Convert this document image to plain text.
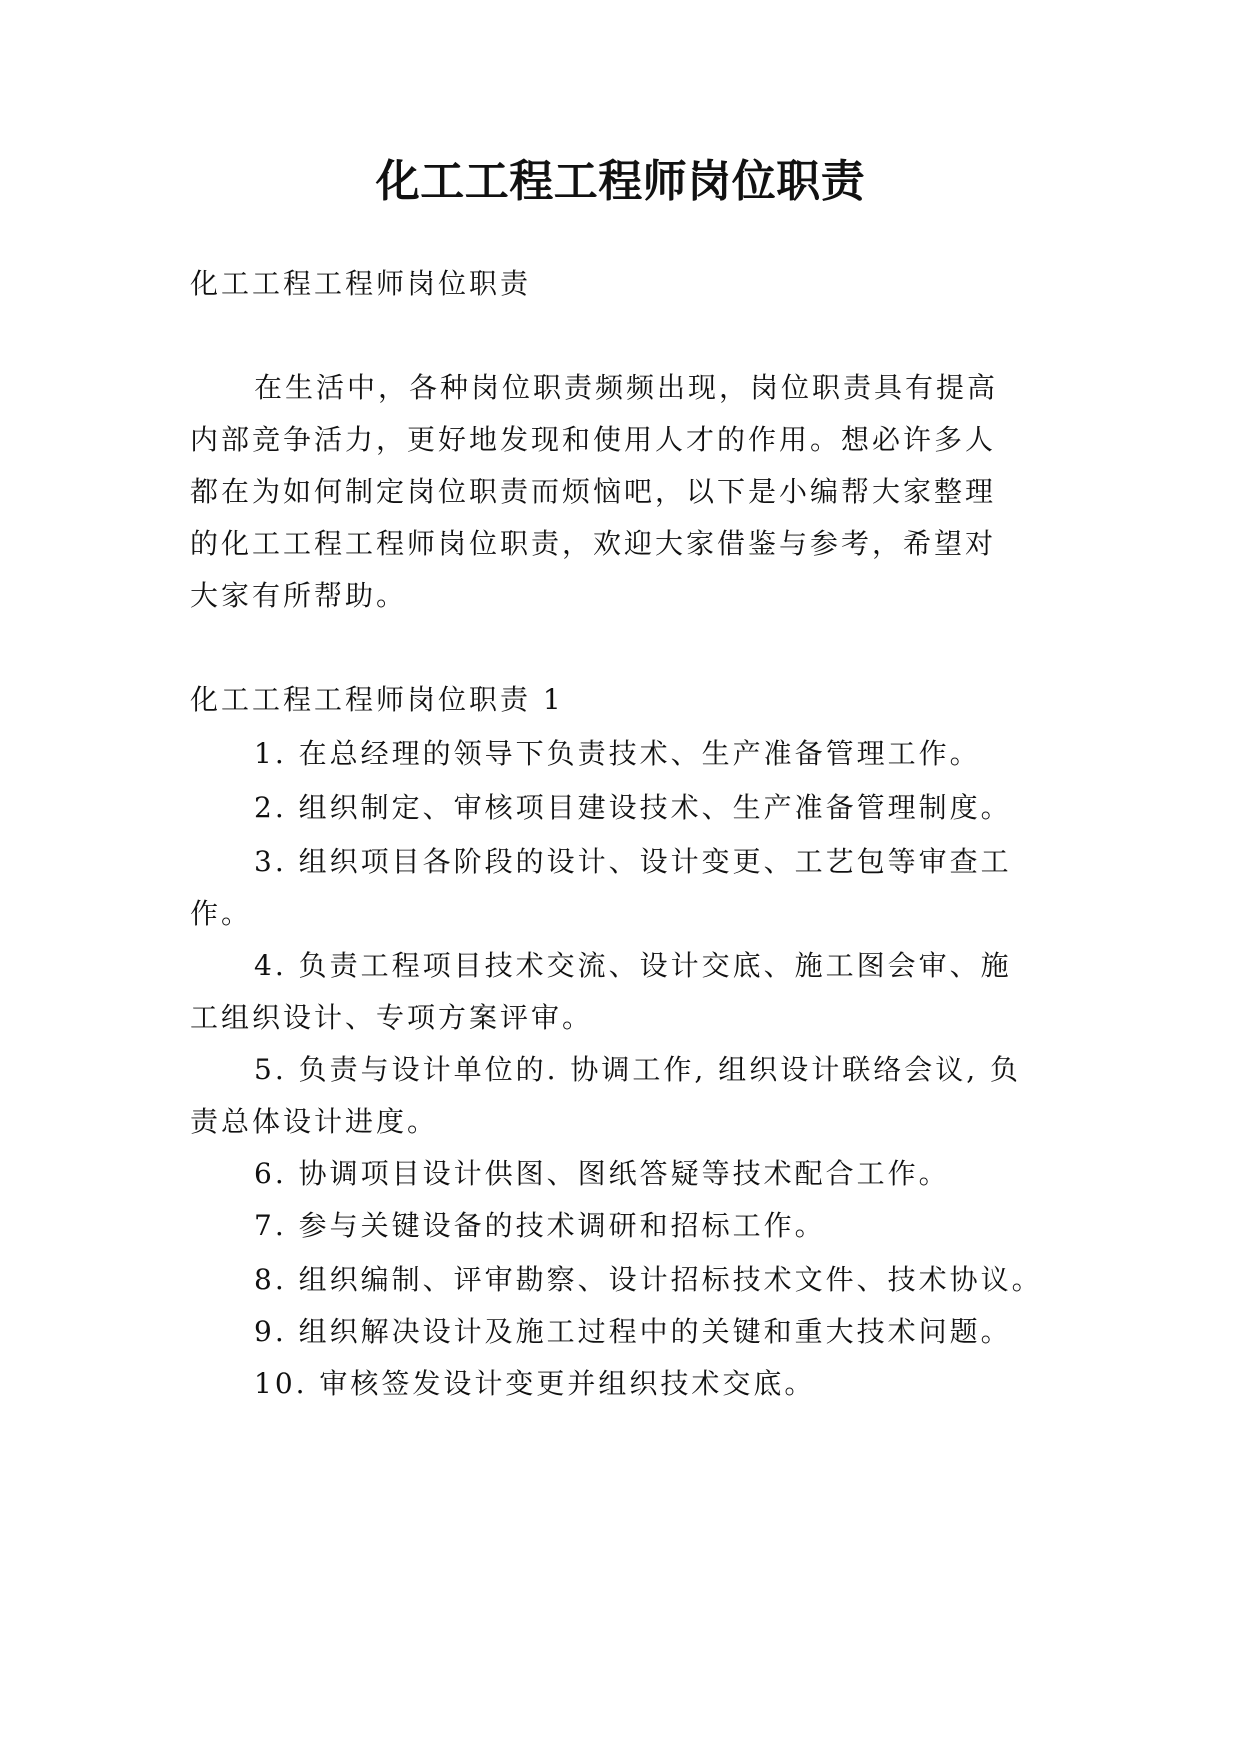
化工工程工程师岗位职责
化工工程工程师岗位职责
在生活中，各种岗位职责频频出现，岗位职责具有提高
内部竞争活力，更好地发现和使用人才的作用。想必许多人
都在为如何制定岗位职责而烦恼吧，以下是小编帮大家整理
的化工工程工程师岗位职责，欢迎大家借鉴与参考，希望对
大家有所帮助。
化工工程工程师岗位职责 1
1. 在总经理的领导下负责技术、生产准备管理工作。
2. 组织制定、审核项目建设技术、生产准备管理制度。
3. 组织项目各阶段的设计、设计变更、工艺包等审查工
作。
4. 负责工程项目技术交流、设计交底、施工图会审、施
工组织设计、专项方案评审。
5. 负责与设计单位的. 协调工作, 组织设计联络会议, 负
责总体设计进度。
6. 协调项目设计供图、图纸答疑等技术配合工作。
7. 参与关键设备的技术调研和招标工作。
8. 组织编制、评审勘察、设计招标技术文件、技术协议。
9. 组织解决设计及施工过程中的关键和重大技术问题。
10. 审核签发设计变更并组织技术交底。
